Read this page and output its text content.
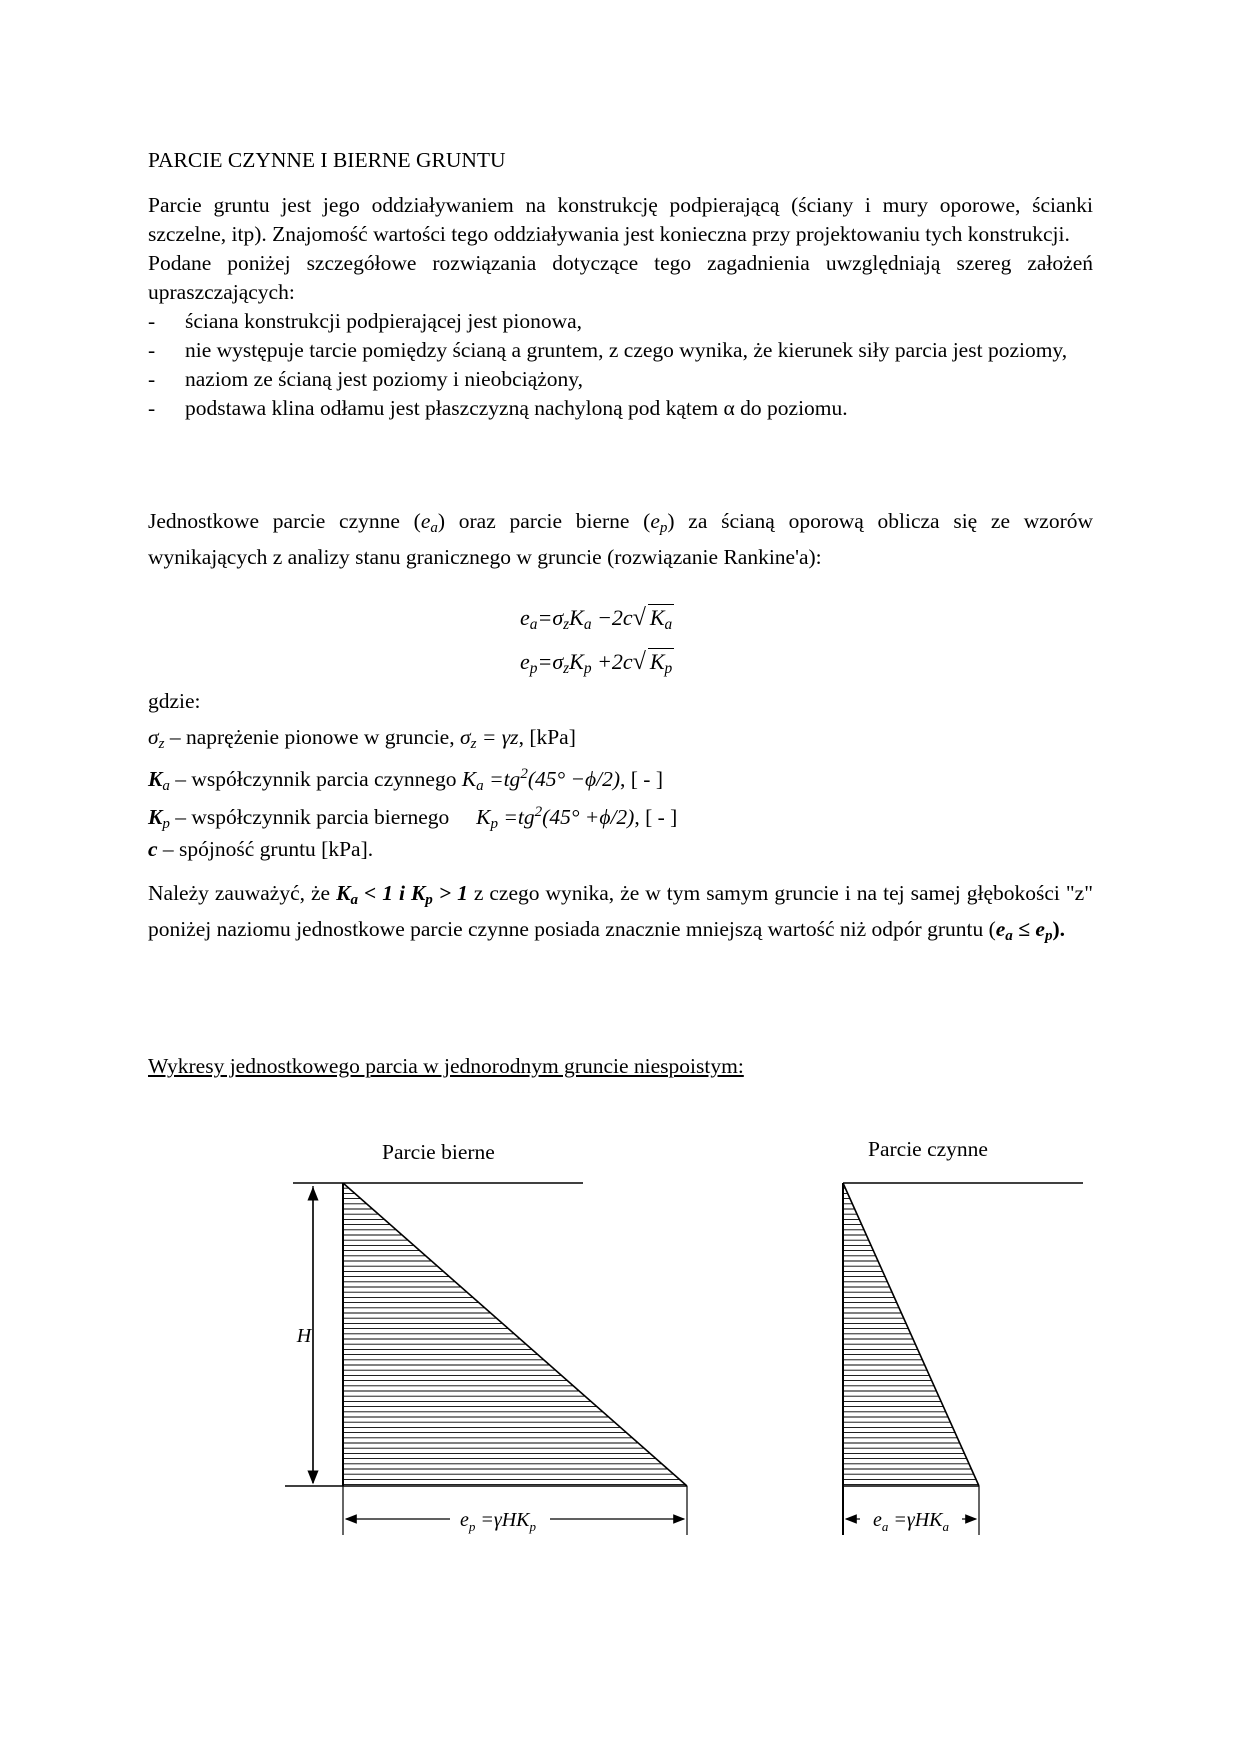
PARCIE CZYNNE I BIERNE GRUNTU

Parcie gruntu jest jego oddziaływaniem na konstrukcję podpierającą (ściany i mury oporowe, ścianki szczelne, itp). Znajomość wartości tego oddziaływania jest konieczna przy projektowaniu tych konstrukcji.

Podane poniżej szczegółowe rozwiązania dotyczące tego zagadnienia uwzględniają szereg założeń upraszczających:

- ściana konstrukcji podpierającej jest pionowa,
- nie występuje tarcie pomiędzy ścianą a gruntem, z czego wynika, że kierunek siły parcia jest poziomy,
- naziom ze ścianą jest poziomy i nieobciążony,
- podstawa klina odłamu jest płaszczyzną nachyloną pod kątem α do poziomu.
Jednostkowe parcie czynne $(e_a)$ oraz parcie bierne $(e_p)$ za ścianą oporową oblicza się ze wzorów wynikających z analizy stanu granicznego w gruncie (rozwiązanie Rankine'a):
$e_a=\sigma_zK_a -2c√$ $K_a$
$e_p=\sigma_zK_p +2c√$ $K_p$
gdzie:
$\sigma_z$ – naprężenie pionowe w gruncie, $\sigma_z = \gamma z$, [kPa]
$K_a$ – współczynnik parcia czynnego $K_a =tg^2(45^\circ -\phi/2)$, [ - ]
$K_p$ – współczynnik parcia biernego     $K_p =tg^2(45^\circ +\phi/2)$, [ - ]
c – spójność gruntu [kPa].
Należy zauważyć, że $K_a < 1$ i $K_p > 1$ z czego wynika, że w tym samym gruncie i na tej samej głębokości "z" poniżej naziomu jednostkowe parcie czynne posiada znacznie mniejszą wartość niż odpór gruntu $(e_a \le e_p)$.
Wykresy jednostkowego parcia w jednorodnym gruncie niespoistym:
Parcie bierne	Parcie czynne
H
$e_p =\gamma HK_p$	$e_a =\gamma HK_a$
